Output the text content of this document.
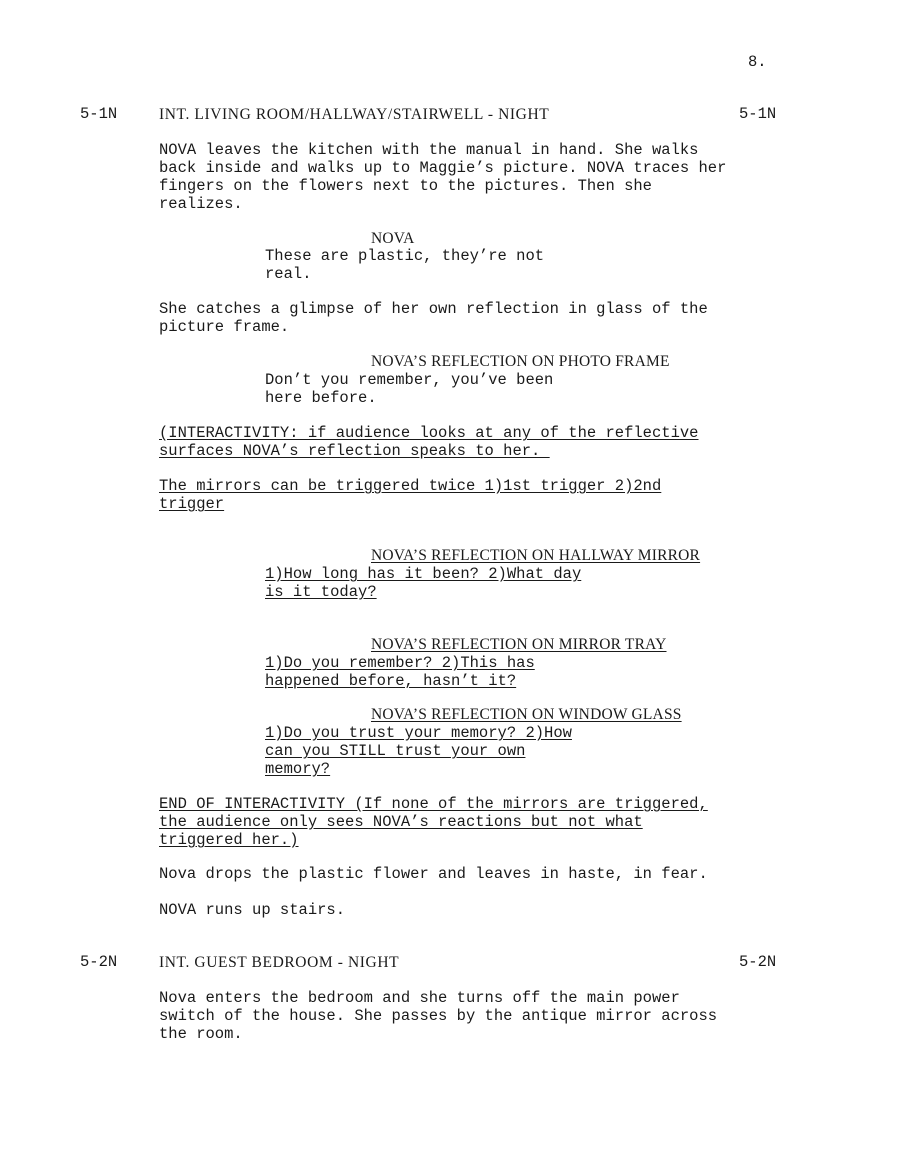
8.
5-1N	INT. LIVING ROOM/HALLWAY/STAIRWELL - NIGHT	5-1N
NOVA leaves the kitchen with the manual in hand. She walks
back inside and walks up to Maggie’s picture. NOVA traces her
fingers on the flowers next to the pictures. Then she
realizes.
NOVA
These are plastic, they’re not
real.
She catches a glimpse of her own reflection in glass of the
picture frame.
NOVA’S REFLECTION ON PHOTO FRAME
Don’t you remember, you’ve been
here before.
(INTERACTIVITY: if audience looks at any of the reflective
surfaces NOVA’s reflection speaks to her.
The mirrors can be triggered twice 1)1st trigger 2)2nd
trigger
NOVA’S REFLECTION ON HALLWAY MIRROR
1)How long has it been? 2)What day
is it today?
NOVA’S REFLECTION ON MIRROR TRAY
1)Do you remember? 2)This has
happened before, hasn’t it?
NOVA’S REFLECTION ON WINDOW GLASS
1)Do you trust your memory? 2)How
can you STILL trust your own
memory?
END OF INTERACTIVITY (If none of the mirrors are triggered,
the audience only sees NOVA’s reactions but not what
triggered her.)
Nova drops the plastic flower and leaves in haste, in fear.
NOVA runs up stairs.
5-2N	INT. GUEST BEDROOM - NIGHT	5-2N
Nova enters the bedroom and she turns off the main power
switch of the house. She passes by the antique mirror across
the room.
